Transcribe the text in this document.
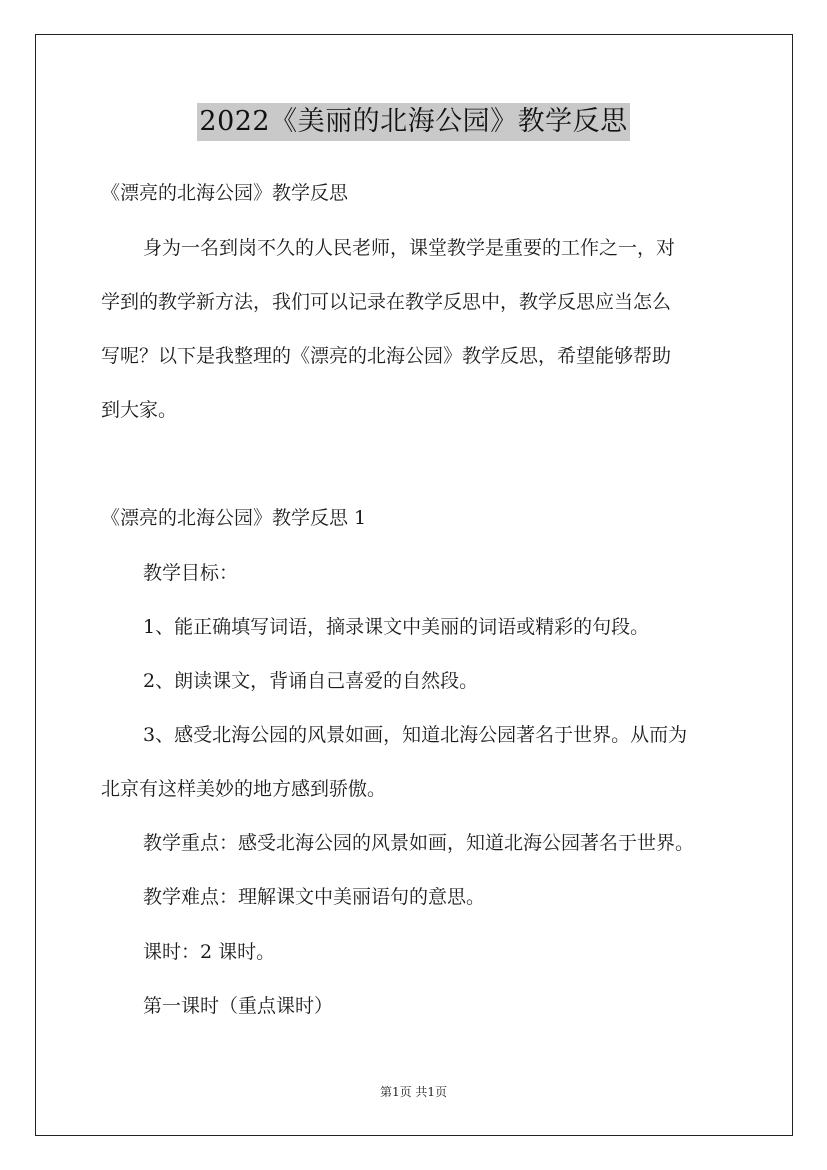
2022《美丽的北海公园》教学反思
《漂亮的北海公园》教学反思
身为一名到岗不久的人民老师，课堂教学是重要的工作之一，对
学到的教学新方法，我们可以记录在教学反思中，教学反思应当怎么
写呢？以下是我整理的《漂亮的北海公园》教学反思，希望能够帮助
到大家。
《漂亮的北海公园》教学反思 1
教学目标：
1、能正确填写词语，摘录课文中美丽的词语或精彩的句段。
2、朗读课文，背诵自己喜爱的自然段。
3、感受北海公园的风景如画，知道北海公园著名于世界。从而为
北京有这样美妙的地方感到骄傲。
教学重点：感受北海公园的风景如画，知道北海公园著名于世界。
教学难点：理解课文中美丽语句的意思。
课时：2 课时。
第一课时（重点课时）
第1页 共1页
